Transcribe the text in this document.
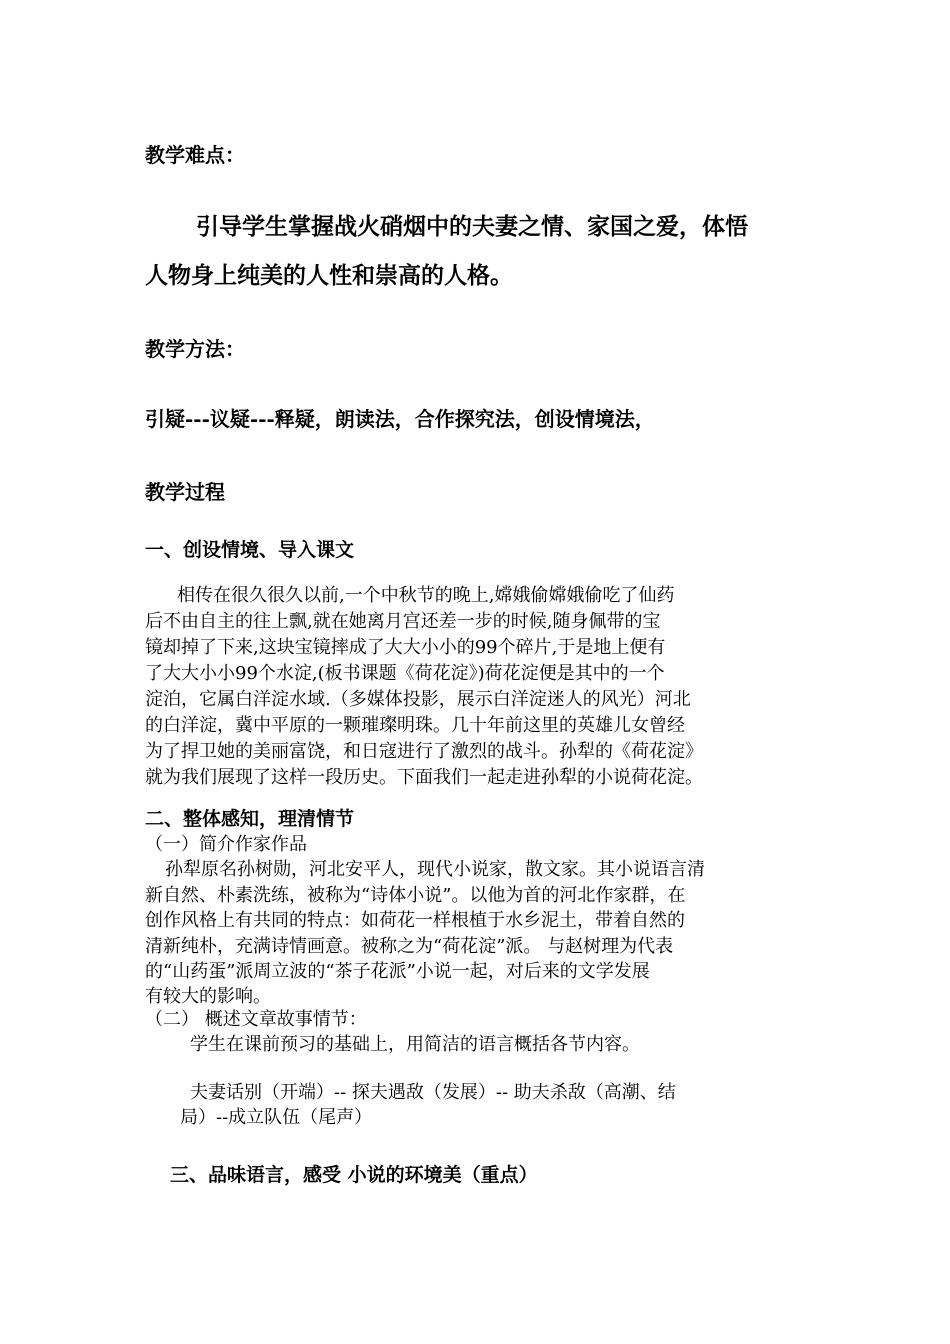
教学难点：
引导学生掌握战火硝烟中的夫妻之情、家国之爱，体悟
人物身上纯美的人性和崇高的人格。
教学方法：
引疑---议疑---释疑，朗读法，合作探究法，创设情境法，
教学过程
一、创设情境、导入课文
相传在很久很久以前,一个中秋节的晚上,嫦娥偷嫦娥偷吃了仙药
后不由自主的往上飘,就在她离月宫还差一步的时候,随身佩带的宝
镜却掉了下来,这块宝镜摔成了大大小小的99个碎片,于是地上便有
了大大小小99个水淀,(板书课题《荷花淀》)荷花淀便是其中的一个
淀泊，它属白洋淀水域.（多媒体投影，展示白洋淀迷人的风光）河北
的白洋淀，冀中平原的一颗璀璨明珠。几十年前这里的英雄儿女曾经
为了捍卫她的美丽富饶，和日寇进行了激烈的战斗。孙犁的《荷花淀》
就为我们展现了这样一段历史。下面我们一起走进孙犁的小说荷花淀。
二、整体感知，理清情节
（一）简介作家作品
孙犁原名孙树勋，河北安平人，现代小说家，散文家。其小说语言清
新自然、朴素洗练，被称为“诗体小说”。以他为首的河北作家群，在
创作风格上有共同的特点：如荷花一样根植于水乡泥土，带着自然的
清新纯朴，充满诗情画意。被称之为“荷花淀”派。 与赵树理为代表
的“山药蛋”派周立波的“茶子花派”小说一起，对后来的文学发展
有较大的影响。
（二） 概述文章故事情节：
学生在课前预习的基础上，用简洁的语言概括各节内容。
夫妻话别（开端）-- 探夫遇敌（发展）-- 助夫杀敌（高潮、结
局）--成立队伍（尾声）
三、品味语言，感受 小说的环境美（重点）
